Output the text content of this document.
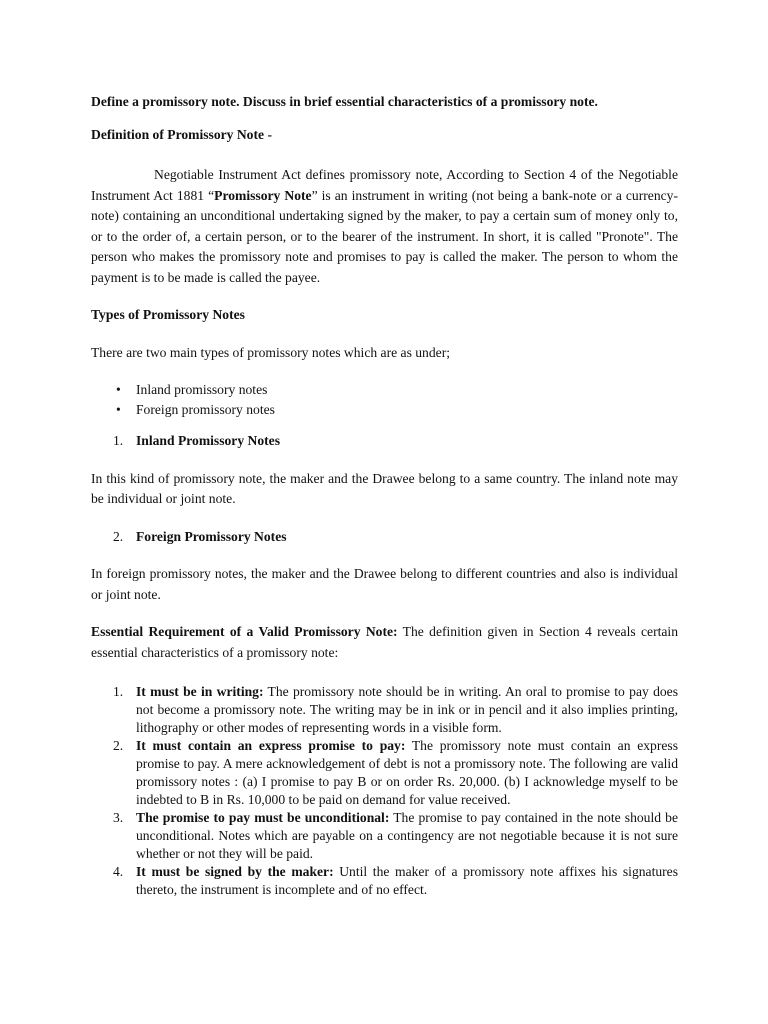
Define a promissory note. Discuss in brief essential characteristics of a promissory note.

Definition of Promissory Note -

Negotiable Instrument Act defines promissory note, According to Section 4 of the Negotiable Instrument Act 1881 “Promissory Note” is an instrument in writing (not being a bank-note or a currency-note) containing an unconditional undertaking signed by the maker, to pay a certain sum of money only to, or to the order of, a certain person, or to the bearer of the instrument. In short, it is called "Pronote". The person who makes the promissory note and promises to pay is called the maker. The person to whom the payment is to be made is called the payee.

Types of Promissory Notes

There are two main types of promissory notes which are as under;

• Inland promissory notes
• Foreign promissory notes
1. Inland Promissory Notes

In this kind of promissory note, the maker and the Drawee belong to a same country. The inland note may be individual or joint note.

2. Foreign Promissory Notes

In foreign promissory notes, the maker and the Drawee belong to different countries and also is individual or joint note.

Essential Requirement of a Valid Promissory Note: The definition given in Section 4 reveals certain essential characteristics of a promissory note:

1. It must be in writing: The promissory note should be in writing. An oral to promise to pay does not become a promissory note. The writing may be in ink or in pencil and it also implies printing, lithography or other modes of representing words in a visible form.
2. It must contain an express promise to pay: The promissory note must contain an express promise to pay. A mere acknowledgement of debt is not a promissory note. The following are valid promissory notes : (a) I promise to pay B or on order Rs. 20,000. (b) I acknowledge myself to be indebted to B in Rs. 10,000 to be paid on demand for value received.
3. The promise to pay must be unconditional: The promise to pay contained in the note should be unconditional. Notes which are payable on a contingency are not negotiable because it is not sure whether or not they will be paid.
4. It must be signed by the maker: Until the maker of a promissory note affixes his signatures thereto, the instrument is incomplete and of no effect.
